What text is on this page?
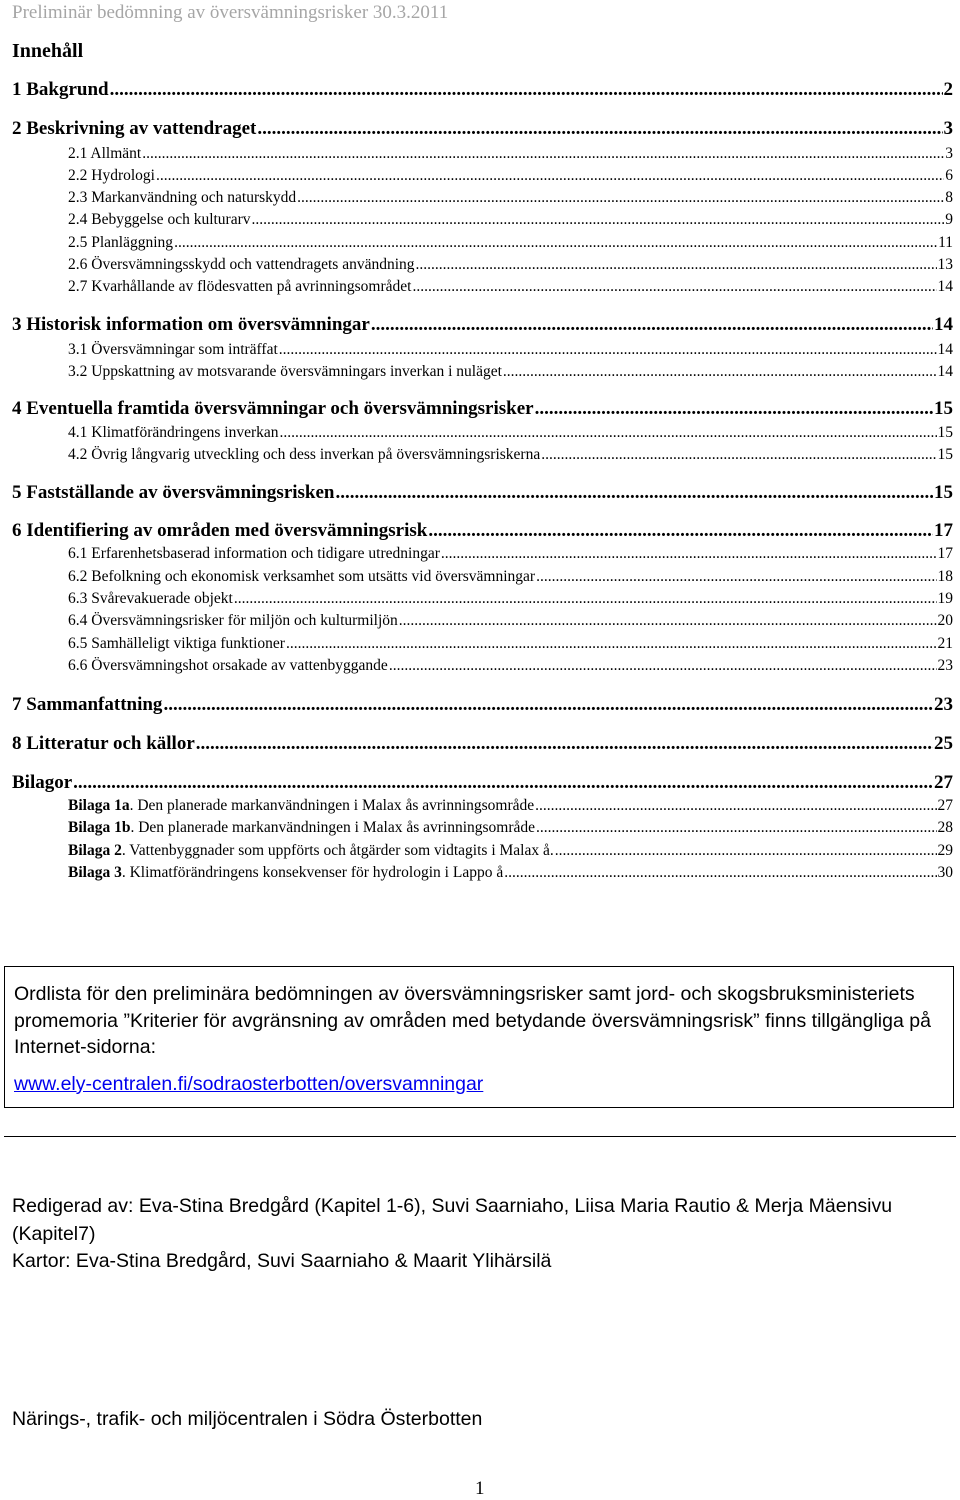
Preliminär bedömning av översvämningsrisker 30.3.2011
Innehåll
1 Bakgrund .....	2
2 Beskrivning av vattendraget .....	3
2.1 Allmänt .....	3
2.2 Hydrologi .....	6
2.3 Markanvändning och naturskydd .....	8
2.4 Bebyggelse och kulturarv .....	9
2.5 Planläggning .....	11
2.6 Översvämningsskydd och vattendragets användning .....	13
2.7 Kvarhållande av flödesvatten på avrinningsområdet .....	14
3 Historisk information om översvämningar .....	14
3.1 Översvämningar som inträffat .....	14
3.2 Uppskattning av motsvarande översvämningars inverkan i nuläget .....	14
4 Eventuella framtida översvämningar och översvämningsrisker .....	15
4.1 Klimatförändringens inverkan .....	15
4.2 Övrig långvarig utveckling och dess inverkan på översvämningsriskerna .....	15
5 Fastställande av översvämningsrisken .....	15
6 Identifiering av områden med översvämningsrisk .....	17
6.1 Erfarenhetsbaserad information och tidigare utredningar .....	17
6.2 Befolkning och ekonomisk verksamhet som utsätts vid översvämningar .....	18
6.3 Svårevakuerade objekt .....	19
6.4 Översvämningsrisker för miljön och kulturmiljön .....	20
6.5 Samhälleligt viktiga funktioner .....	21
6.6 Översvämningshot orsakade av vattenbyggande .....	23
7 Sammanfattning .....	23
8 Litteratur och källor .....	25
Bilagor .....	27
Bilaga 1a. Den planerade markanvändningen i Malax ås avrinningsområde .....	27
Bilaga 1b. Den planerade markanvändningen i Malax ås avrinningsområde .....	28
Bilaga 2. Vattenbyggnader som uppförts och åtgärder som vidtagits i Malax å. .....	29
Bilaga 3. Klimatförändringens konsekvenser för hydrologin i Lappo å .....	30
Ordlista för den preliminära bedömningen av översvämningsrisker samt jord- och skogsbruksministeriets promemoria ”Kriterier för avgränsning av områden med betydande översvämningsrisk” finns tillgängliga på Internet-sidorna:
www.ely-centralen.fi/sodraosterbotten/oversvamningar
Redigerad av: Eva-Stina Bredgård (Kapitel 1-6), Suvi Saarniaho, Liisa Maria Rautio & Merja Mäensivu (Kapitel7)
Kartor: Eva-Stina Bredgård, Suvi Saarniaho & Maarit Ylihärsilä
Närings-, trafik- och miljöcentralen i Södra Österbotten
1
